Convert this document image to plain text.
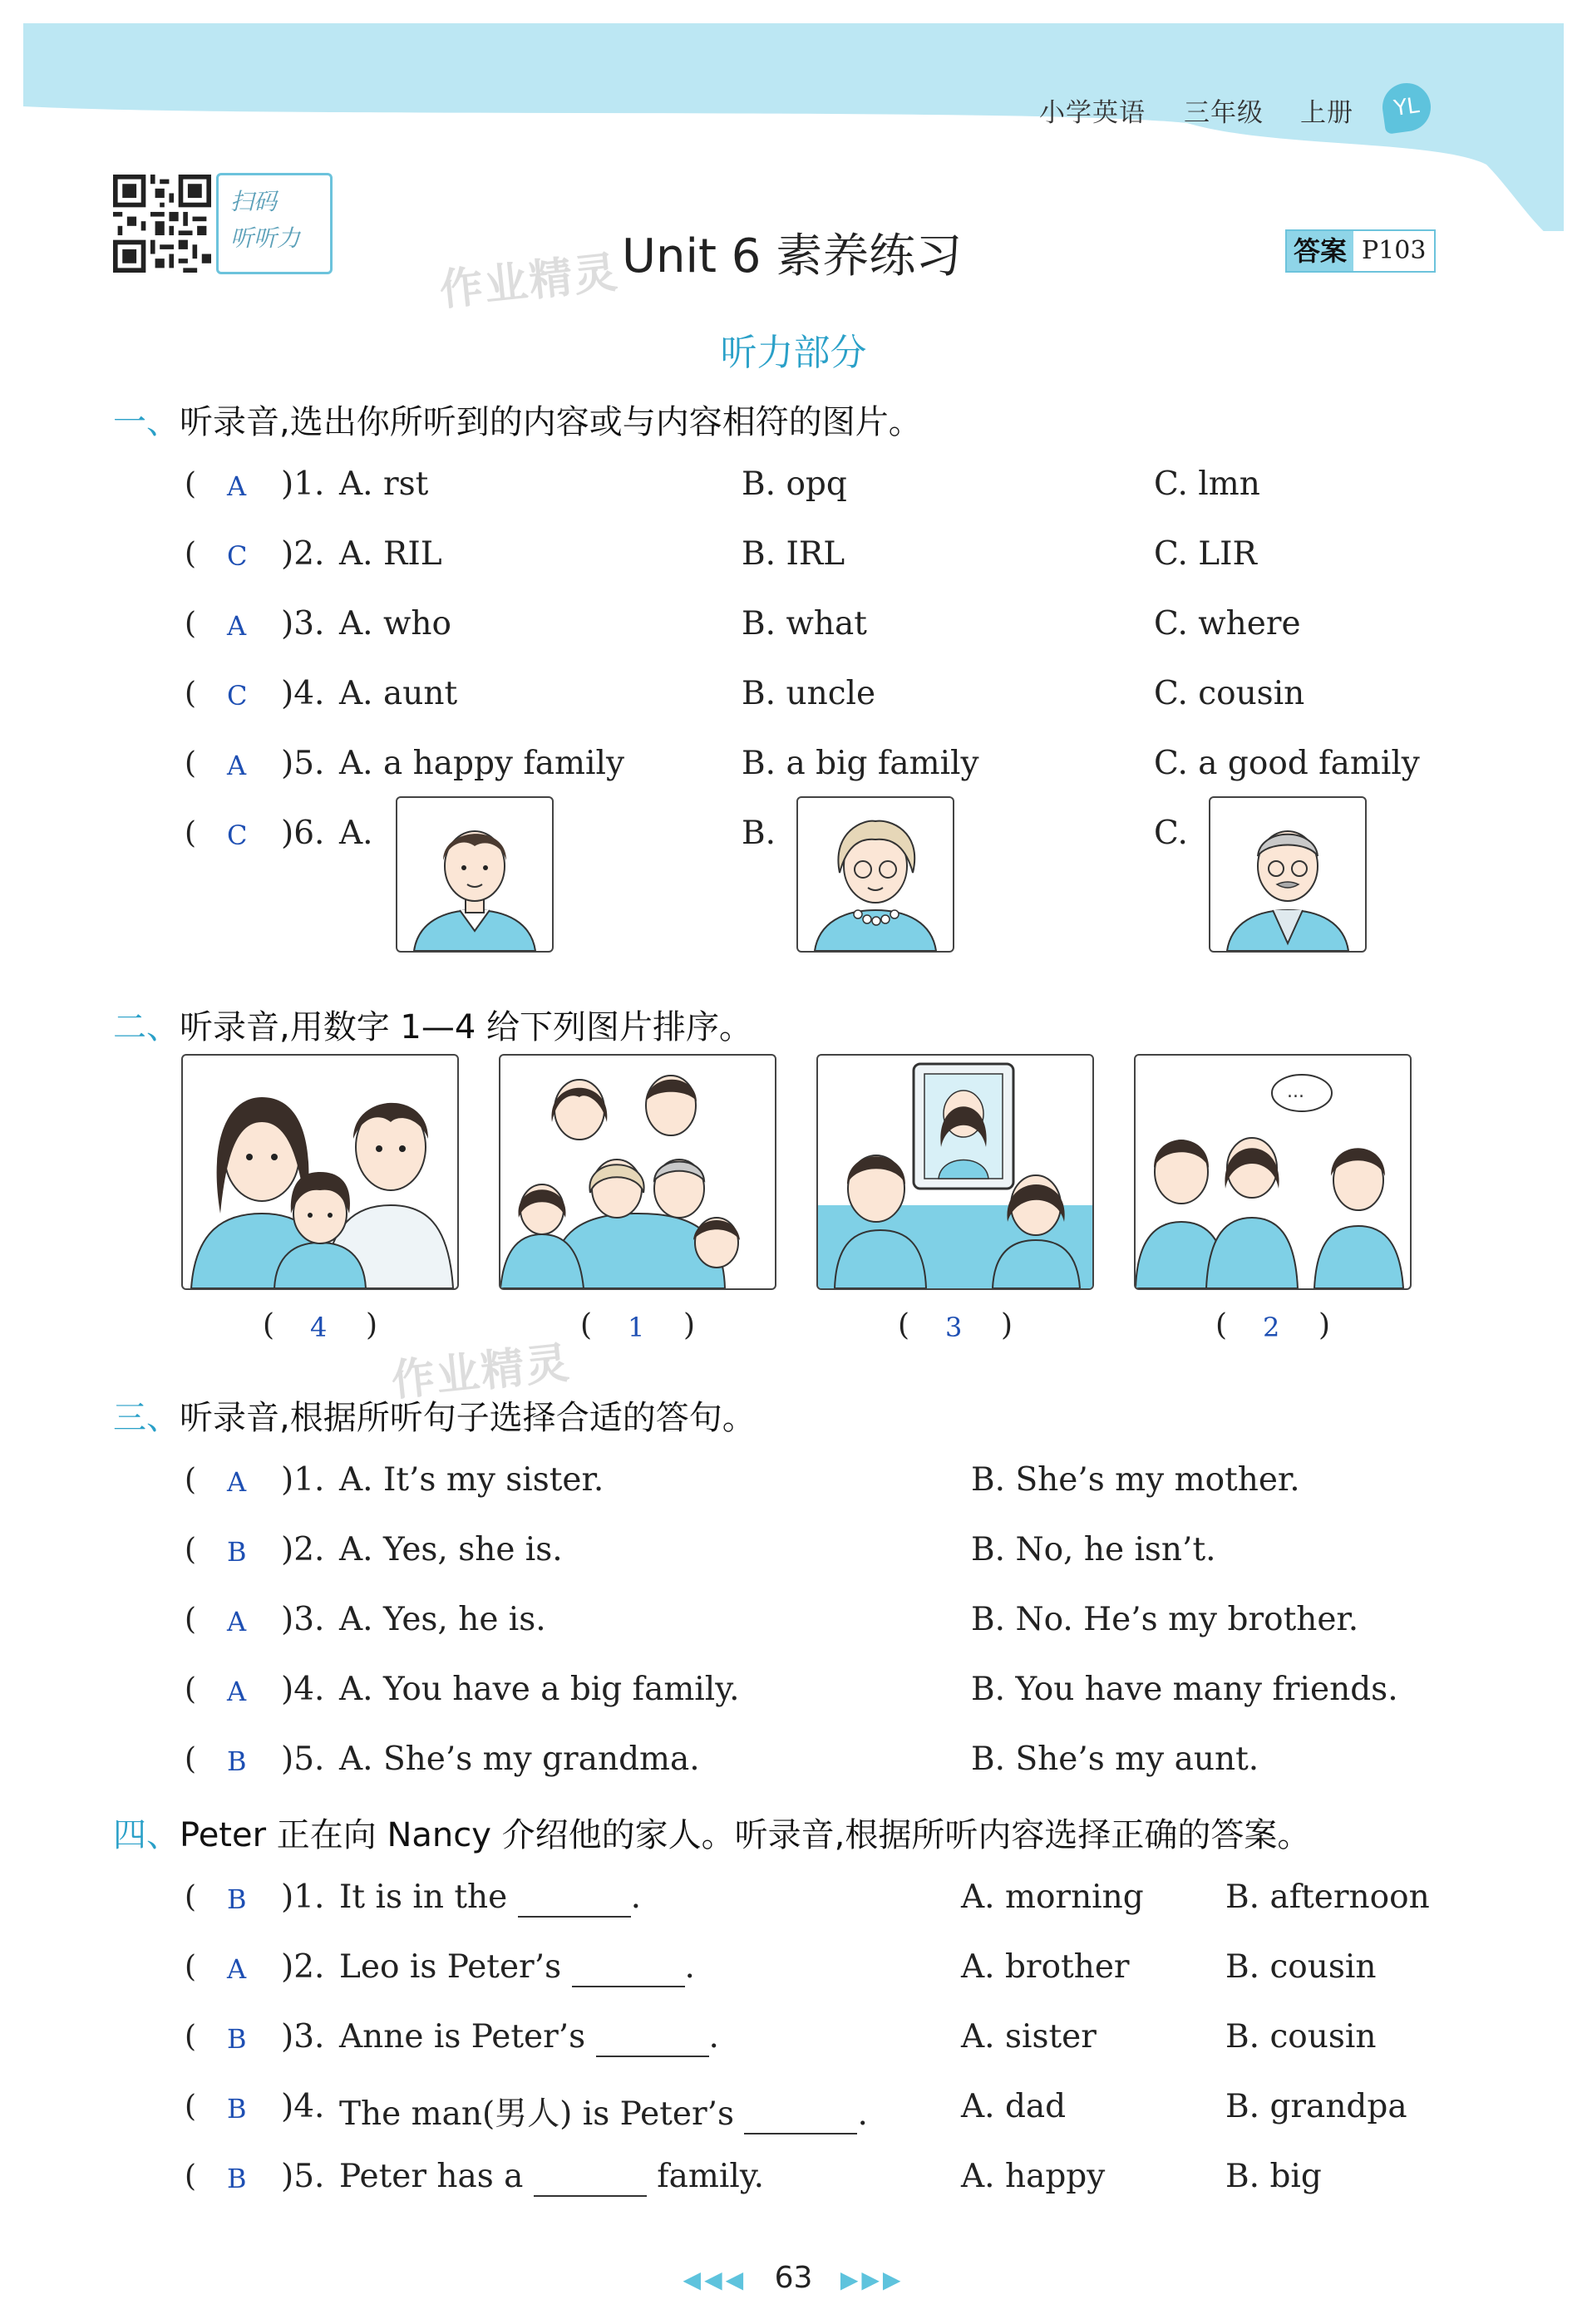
小学英语 三年级 上册	YL
扫码
听听力	Unit 6 素养练习	答案 P103
作业精灵
作业精灵
听力部分
一、听录音,选出你所听到的内容或与内容相符的图片。
( A )1. A. rst	B. opq	C. lmn
( C )2. A. RIL	B. IRL	C. LIR
( A )3. A. who	B. what	C. where
( C )4. A. aunt	B. uncle	C. cousin
( A )5. A. a happy family	B. a big family	C. a good family
( C )6. A.	B.	C.
二、听录音,用数字 1—4 给下列图片排序。
...
( 4 )	( 1 )	( 3 )	( 2 )
三、听录音,根据所听句子选择合适的答句。
( A )1. A. It’s my sister.	B. She’s my mother.
( B )2. A. Yes, she is.	B. No, he isn’t.
( A )3. A. Yes, he is.	B. No. He’s my brother.
( A )4. A. You have a big family.	B. You have many friends.
( B )5. A. She’s my grandma.	B. She’s my aunt.
四、Peter 正在向 Nancy 介绍他的家人。听录音,根据所听内容选择正确的答案。
( B )1. It is in the	.	A. morning	B. afternoon
( A )2. Leo is Peter’s	.	A. brother	B. cousin
( B )3. Anne is Peter’s	.	A. sister	B. cousin
( B )4. The man(男人) is Peter’s	.	A. dad	B. grandpa
( B )5. Peter has a	family.	A. happy	B. big
◀◀◀ 63 ▶▶▶
